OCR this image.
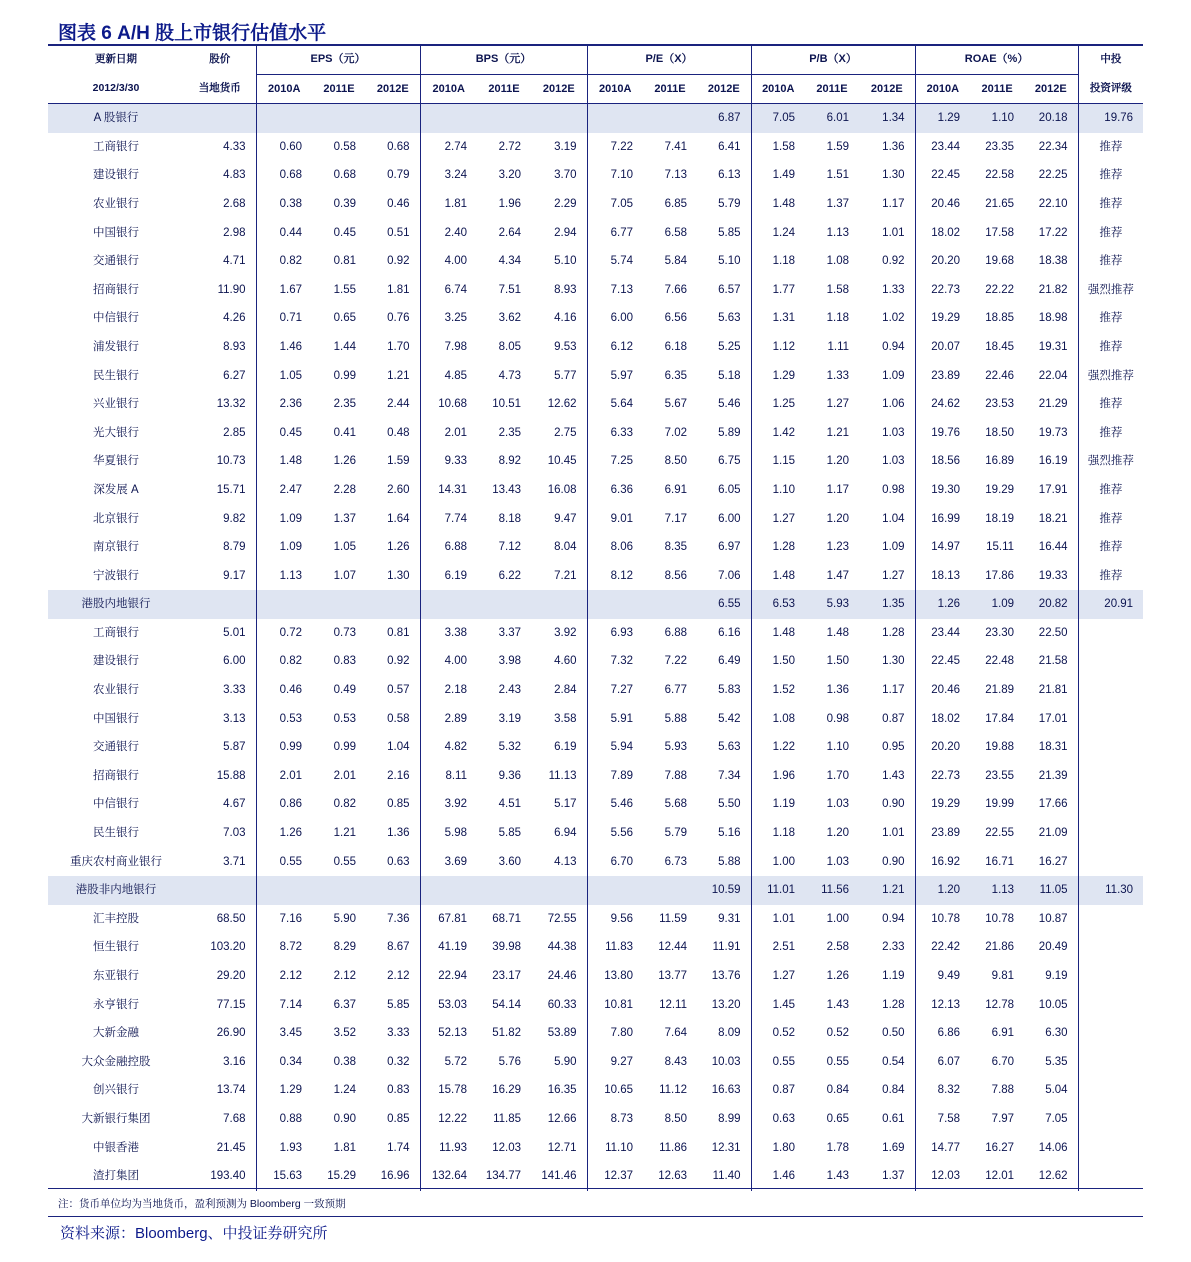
图表 6 A/H 股上市银行估值水平
更新日期	股价	EPS（元）			BPS（元）			P/E（X）			P/B（X）			ROAE（%）			中投	
2012/3/30	当地货币	2010A	2011E	2012E	2010A	2011E	2012E	2010A	2011E	2012E	2010A	2011E	2012E	2010A	2011E	2012E	投资评级	
A 股银行										6.87	7.05	6.01	1.34	1.29	1.10	20.18	19.76		
工商银行	4.33	0.60	0.58	0.68	2.74	2.72	3.19	7.22	7.41	6.41	1.58	1.59	1.36	23.44	23.35	22.34	推荐	
建设银行	4.83	0.68	0.68	0.79	3.24	3.20	3.70	7.10	7.13	6.13	1.49	1.51	1.30	22.45	22.58	22.25	推荐	
农业银行	2.68	0.38	0.39	0.46	1.81	1.96	2.29	7.05	6.85	5.79	1.48	1.37	1.17	20.46	21.65	22.10	推荐	
中国银行	2.98	0.44	0.45	0.51	2.40	2.64	2.94	6.77	6.58	5.85	1.24	1.13	1.01	18.02	17.58	17.22	推荐	
交通银行	4.71	0.82	0.81	0.92	4.00	4.34	5.10	5.74	5.84	5.10	1.18	1.08	0.92	20.20	19.68	18.38	推荐	
招商银行	11.90	1.67	1.55	1.81	6.74	7.51	8.93	7.13	7.66	6.57	1.77	1.58	1.33	22.73	22.22	21.82	强烈推荐	
中信银行	4.26	0.71	0.65	0.76	3.25	3.62	4.16	6.00	6.56	5.63	1.31	1.18	1.02	19.29	18.85	18.98	推荐	
浦发银行	8.93	1.46	1.44	1.70	7.98	8.05	9.53	6.12	6.18	5.25	1.12	1.11	0.94	20.07	18.45	19.31	推荐	
民生银行	6.27	1.05	0.99	1.21	4.85	4.73	5.77	5.97	6.35	5.18	1.29	1.33	1.09	23.89	22.46	22.04	强烈推荐	
兴业银行	13.32	2.36	2.35	2.44	10.68	10.51	12.62	5.64	5.67	5.46	1.25	1.27	1.06	24.62	23.53	21.29	推荐	
光大银行	2.85	0.45	0.41	0.48	2.01	2.35	2.75	6.33	7.02	5.89	1.42	1.21	1.03	19.76	18.50	19.73	推荐	
华夏银行	10.73	1.48	1.26	1.59	9.33	8.92	10.45	7.25	8.50	6.75	1.15	1.20	1.03	18.56	16.89	16.19	强烈推荐	
深发展 A	15.71	2.47	2.28	2.60	14.31	13.43	16.08	6.36	6.91	6.05	1.10	1.17	0.98	19.30	19.29	17.91	推荐	
北京银行	9.82	1.09	1.37	1.64	7.74	8.18	9.47	9.01	7.17	6.00	1.27	1.20	1.04	16.99	18.19	18.21	推荐	
南京银行	8.79	1.09	1.05	1.26	6.88	7.12	8.04	8.06	8.35	6.97	1.28	1.23	1.09	14.97	15.11	16.44	推荐	
宁波银行	9.17	1.13	1.07	1.30	6.19	6.22	7.21	8.12	8.56	7.06	1.48	1.47	1.27	18.13	17.86	19.33	推荐	
港股内地银行										6.55	6.53	5.93	1.35	1.26	1.09	20.82	20.91		
工商银行	5.01	0.72	0.73	0.81	3.38	3.37	3.92	6.93	6.88	6.16	1.48	1.48	1.28	23.44	23.30	22.50		
建设银行	6.00	0.82	0.83	0.92	4.00	3.98	4.60	7.32	7.22	6.49	1.50	1.50	1.30	22.45	22.48	21.58		
农业银行	3.33	0.46	0.49	0.57	2.18	2.43	2.84	7.27	6.77	5.83	1.52	1.36	1.17	20.46	21.89	21.81		
中国银行	3.13	0.53	0.53	0.58	2.89	3.19	3.58	5.91	5.88	5.42	1.08	0.98	0.87	18.02	17.84	17.01		
交通银行	5.87	0.99	0.99	1.04	4.82	5.32	6.19	5.94	5.93	5.63	1.22	1.10	0.95	20.20	19.88	18.31		
招商银行	15.88	2.01	2.01	2.16	8.11	9.36	11.13	7.89	7.88	7.34	1.96	1.70	1.43	22.73	23.55	21.39		
中信银行	4.67	0.86	0.82	0.85	3.92	4.51	5.17	5.46	5.68	5.50	1.19	1.03	0.90	19.29	19.99	17.66		
民生银行	7.03	1.26	1.21	1.36	5.98	5.85	6.94	5.56	5.79	5.16	1.18	1.20	1.01	23.89	22.55	21.09		
重庆农村商业银行	3.71	0.55	0.55	0.63	3.69	3.60	4.13	6.70	6.73	5.88	1.00	1.03	0.90	16.92	16.71	16.27		
港股非内地银行										10.59	11.01	11.56	1.21	1.20	1.13	11.05	11.30		
汇丰控股	68.50	7.16	5.90	7.36	67.81	68.71	72.55	9.56	11.59	9.31	1.01	1.00	0.94	10.78	10.78	10.87		
恒生银行	103.20	8.72	8.29	8.67	41.19	39.98	44.38	11.83	12.44	11.91	2.51	2.58	2.33	22.42	21.86	20.49		
东亚银行	29.20	2.12	2.12	2.12	22.94	23.17	24.46	13.80	13.77	13.76	1.27	1.26	1.19	9.49	9.81	9.19		
永亨银行	77.15	7.14	6.37	5.85	53.03	54.14	60.33	10.81	12.11	13.20	1.45	1.43	1.28	12.13	12.78	10.05		
大新金融	26.90	3.45	3.52	3.33	52.13	51.82	53.89	7.80	7.64	8.09	0.52	0.52	0.50	6.86	6.91	6.30		
大众金融控股	3.16	0.34	0.38	0.32	5.72	5.76	5.90	9.27	8.43	10.03	0.55	0.55	0.54	6.07	6.70	5.35		
创兴银行	13.74	1.29	1.24	0.83	15.78	16.29	16.35	10.65	11.12	16.63	0.87	0.84	0.84	8.32	7.88	5.04		
大新银行集团	7.68	0.88	0.90	0.85	12.22	11.85	12.66	8.73	8.50	8.99	0.63	0.65	0.61	7.58	7.97	7.05		
中银香港	21.45	1.93	1.81	1.74	11.93	12.03	12.71	11.10	11.86	12.31	1.80	1.78	1.69	14.77	16.27	14.06		
渣打集团	193.40	15.63	15.29	16.96	132.64	134.77	141.46	12.37	12.63	11.40	1.46	1.43	1.37	12.03	12.01	12.62		
注：货币单位均为当地货币，盈利预测为 Bloomberg 一致预期
资料来源：Bloomberg、中投证券研究所
